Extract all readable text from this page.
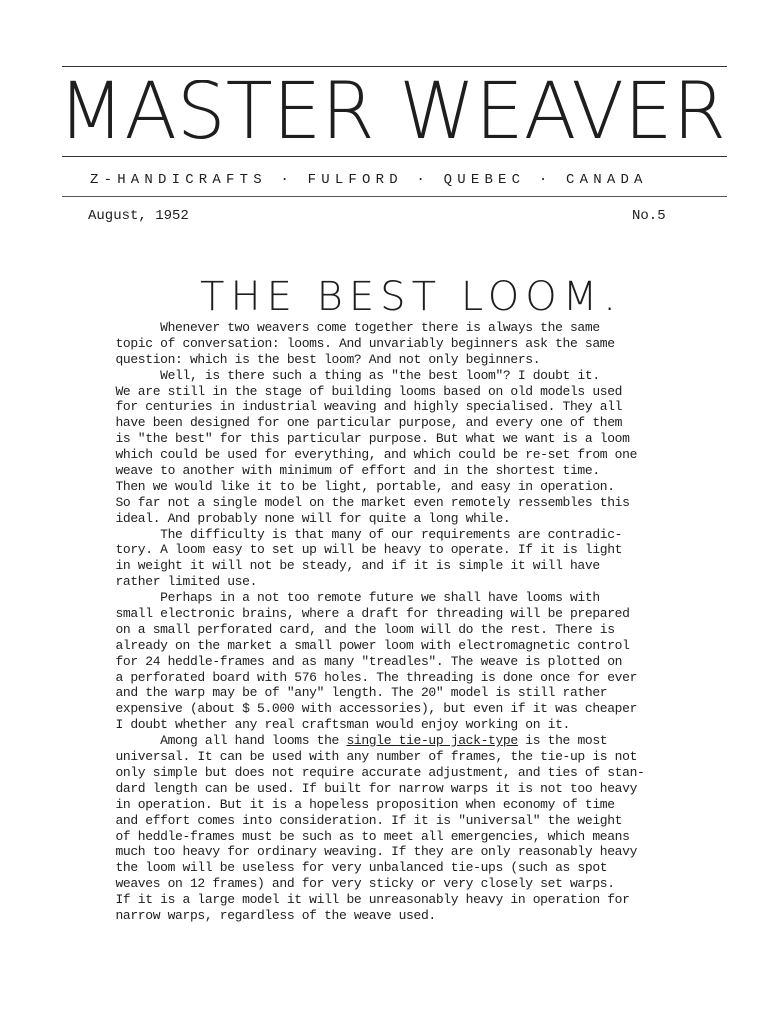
MASTER WEAVER
Z-HANDICRAFTS · FULFORD · QUEBEC · CANADA
August, 1952	No.5
THE BEST LOOM.
Whenever two weavers come together there is always the same
topic of conversation: looms. And unvariably beginners ask the same
question: which is the best loom? And not only beginners.
Well, is there such a thing as "the best loom"? I doubt it.
We are still in the stage of building looms based on old models used
for centuries in industrial weaving and highly specialised. They all
have been designed for one particular purpose, and every one of them
is "the best" for this particular purpose. But what we want is a loom
which could be used for everything, and which could be re-set from one
weave to another with minimum of effort and in the shortest time.
Then we would like it to be light, portable, and easy in operation.
So far not a single model on the market even remotely ressembles this
ideal. And probably none will for quite a long while.
The difficulty is that many of our requirements are contradic-
tory. A loom easy to set up will be heavy to operate. If it is light
in weight it will not be steady, and if it is simple it will have
rather limited use.
Perhaps in a not too remote future we shall have looms with
small electronic brains, where a draft for threading will be prepared
on a small perforated card, and the loom will do the rest. There is
already on the market a small power loom with electromagnetic control
for 24 heddle-frames and as many "treadles". The weave is plotted on
a perforated board with 576 holes. The threading is done once for ever
and the warp may be of "any" length. The 20" model is still rather
expensive (about $ 5.000 with accessories), but even if it was cheaper
I doubt whether any real craftsman would enjoy working on it.
Among all hand looms the single tie-up jack-type is the most
universal. It can be used with any number of frames, the tie-up is not
only simple but does not require accurate adjustment, and ties of stan-
dard length can be used. If built for narrow warps it is not too heavy
in operation. But it is a hopeless proposition when economy of time
and effort comes into consideration. If it is "universal" the weight
of heddle-frames must be such as to meet all emergencies, which means
much too heavy for ordinary weaving. If they are only reasonably heavy
the loom will be useless for very unbalanced tie-ups (such as spot
weaves on 12 frames) and for very sticky or very closely set warps.
If it is a large model it will be unreasonably heavy in operation for
narrow warps, regardless of the weave used.
